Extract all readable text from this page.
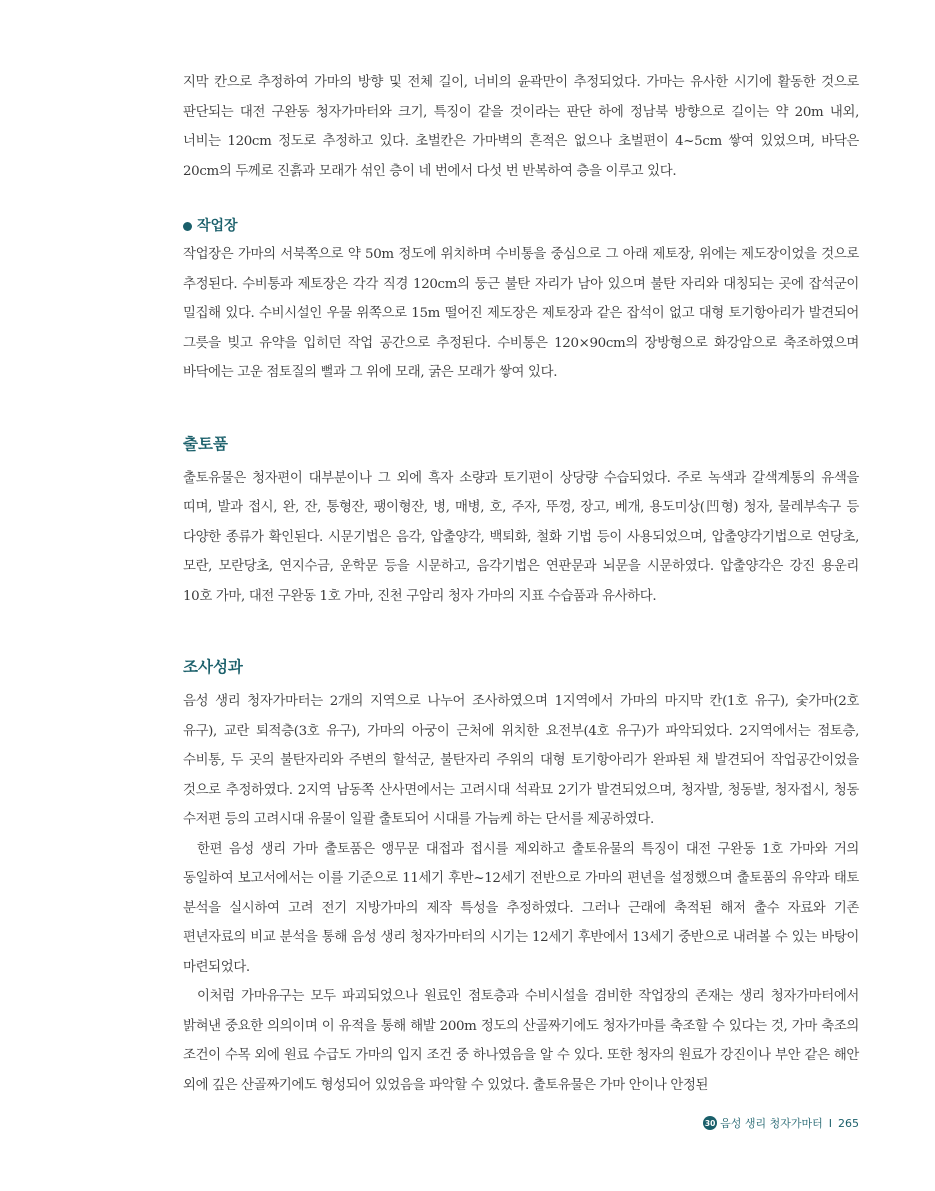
지막 칸으로 추정하여 가마의 방향 및 전체 길이, 너비의 윤곽만이 추정되었다. 가마는 유사한 시기에 활동한 것으로 판단되는 대전 구완동 청자가마터와 크기, 특징이 같을 것이라는 판단 하에 정남북 방향으로 길이는 약 20m 내외, 너비는 120cm 정도로 추정하고 있다. 초벌칸은 가마벽의 흔적은 없으나 초벌편이 4~5cm 쌓여 있었으며, 바닥은 20cm의 두께로 진흙과 모래가 섞인 층이 네 번에서 다섯 번 반복하여 층을 이루고 있다.

작업장

작업장은 가마의 서북쪽으로 약 50m 정도에 위치하며 수비통을 중심으로 그 아래 제토장, 위에는 제도장이었을 것으로 추정된다. 수비통과 제토장은 각각 직경 120cm의 둥근 불탄 자리가 남아 있으며 불탄 자리와 대칭되는 곳에 잡석군이 밀집해 있다. 수비시설인 우물 위쪽으로 15m 떨어진 제도장은 제토장과 같은 잡석이 없고 대형 토기항아리가 발견되어 그릇을 빚고 유약을 입히던 작업 공간으로 추정된다. 수비통은 120×90cm의 장방형으로 화강암으로 축조하였으며 바닥에는 고운 점토질의 뻘과 그 위에 모래, 굵은 모래가 쌓여 있다.

출토품

출토유물은 청자편이 대부분이나 그 외에 흑자 소량과 토기편이 상당량 수습되었다. 주로 녹색과 갈색계통의 유색을 띠며, 발과 접시, 완, 잔, 통형잔, 팽이형잔, 병, 매병, 호, 주자, 뚜껑, 장고, 베개, 용도미상(凹형) 청자, 물레부속구 등 다양한 종류가 확인된다. 시문기법은 음각, 압출양각, 백퇴화, 철화 기법 등이 사용되었으며, 압출양각기법으로 연당초, 모란, 모란당초, 연지수금, 운학문 등을 시문하고, 음각기법은 연판문과 뇌문을 시문하였다. 압출양각은 강진 용운리 10호 가마, 대전 구완동 1호 가마, 진천 구암리 청자 가마의 지표 수습품과 유사하다.

조사성과

음성 생리 청자가마터는 2개의 지역으로 나누어 조사하였으며 1지역에서 가마의 마지막 칸(1호 유구), 숯가마(2호 유구), 교란 퇴적층(3호 유구), 가마의 아궁이 근처에 위치한 요전부(4호 유구)가 파악되었다. 2지역에서는 점토층, 수비통, 두 곳의 불탄자리와 주변의 할석군, 불탄자리 주위의 대형 토기항아리가 완파된 채 발견되어 작업공간이었을 것으로 추정하였다. 2지역 남동쪽 산사면에서는 고려시대 석곽묘 2기가 발견되었으며, 청자발, 청동발, 청자접시, 청동 수저편 등의 고려시대 유물이 일괄 출토되어 시대를 가늠케 하는 단서를 제공하였다.

한편 음성 생리 가마 출토품은 앵무문 대접과 접시를 제외하고 출토유물의 특징이 대전 구완동 1호 가마와 거의 동일하여 보고서에서는 이를 기준으로 11세기 후반~12세기 전반으로 가마의 편년을 설정했으며 출토품의 유약과 태토 분석을 실시하여 고려 전기 지방가마의 제작 특성을 추정하였다. 그러나 근래에 축적된 해저 출수 자료와 기존 편년자료의 비교 분석을 통해 음성 생리 청자가마터의 시기는 12세기 후반에서 13세기 중반으로 내려볼 수 있는 바탕이 마련되었다.

이처럼 가마유구는 모두 파괴되었으나 원료인 점토층과 수비시설을 겸비한 작업장의 존재는 생리 청자가마터에서 밝혀낸 중요한 의의이며 이 유적을 통해 해발 200m 정도의 산골짜기에도 청자가마를 축조할 수 있다는 것, 가마 축조의 조건이 수목 외에 원료 수급도 가마의 입지 조건 중 하나였음을 알 수 있다. 또한 청자의 원료가 강진이나 부안 같은 해안 외에 깊은 산골짜기에도 형성되어 있었음을 파악할 수 있었다. 출토유물은 가마 안이나 안정된

30 음성 생리 청자가마터 I 265
